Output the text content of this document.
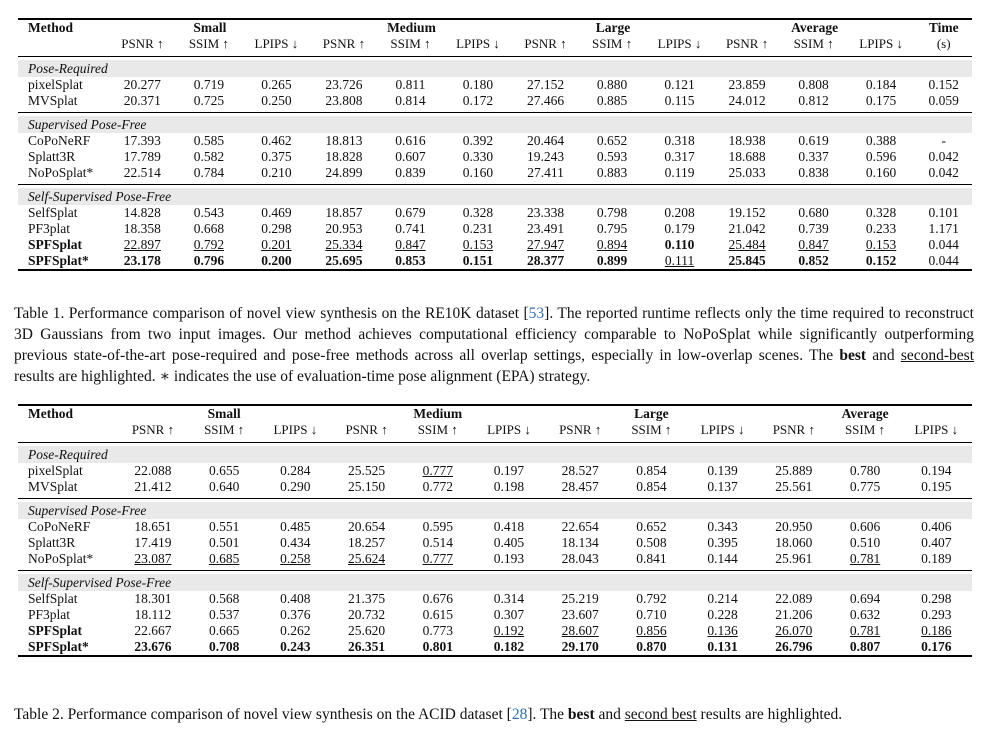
Method	Small			Medium			Large			Average			Time
	PSNR ↑	SSIM ↑	LPIPS ↓	PSNR ↑	SSIM ↑	LPIPS ↓	PSNR ↑	SSIM ↑	LPIPS ↓	PSNR ↑	SSIM ↑	LPIPS ↓	(s)

Pose-Required													
pixelSplat	20.277	0.719	0.265	23.726	0.811	0.180	27.152	0.880	0.121	23.859	0.808	0.184	0.152
MVSplat	20.371	0.725	0.250	23.808	0.814	0.172	27.466	0.885	0.115	24.012	0.812	0.175	0.059

Supervised Pose-Free													
CoPoNeRF	17.393	0.585	0.462	18.813	0.616	0.392	20.464	0.652	0.318	18.938	0.619	0.388	-
Splatt3R	17.789	0.582	0.375	18.828	0.607	0.330	19.243	0.593	0.317	18.688	0.337	0.596	0.042
NoPoSplat*	22.514	0.784	0.210	24.899	0.839	0.160	27.411	0.883	0.119	25.033	0.838	0.160	0.042

Self-Supervised Pose-Free													
SelfSplat	14.828	0.543	0.469	18.857	0.679	0.328	23.338	0.798	0.208	19.152	0.680	0.328	0.101
PF3plat	18.358	0.668	0.298	20.953	0.741	0.231	23.491	0.795	0.179	21.042	0.739	0.233	1.171
SPFSplat	22.897	0.792	0.201	25.334	0.847	0.153	27.947	0.894	0.110	25.484	0.847	0.153	0.044
SPFSplat*	23.178	0.796	0.200	25.695	0.853	0.151	28.377	0.899	0.111	25.845	0.852	0.152	0.044
Table 1. Performance comparison of novel view synthesis on the RE10K dataset [53]. The reported runtime reflects only the time required to reconstruct 3D Gaussians from two input images. Our method achieves computational efficiency comparable to NoPoSplat while significantly outperforming previous state-of-the-art pose-required and pose-free methods across all overlap settings, especially in low-overlap scenes. The best and second-best results are highlighted. ∗ indicates the use of evaluation-time pose alignment (EPA) strategy.
Method	Small			Medium			Large			Average		
	PSNR ↑	SSIM ↑	LPIPS ↓	PSNR ↑	SSIM ↑	LPIPS ↓	PSNR ↑	SSIM ↑	LPIPS ↓	PSNR ↑	SSIM ↑	LPIPS ↓

Pose-Required												
pixelSplat	22.088	0.655	0.284	25.525	0.777	0.197	28.527	0.854	0.139	25.889	0.780	0.194
MVSplat	21.412	0.640	0.290	25.150	0.772	0.198	28.457	0.854	0.137	25.561	0.775	0.195

Supervised Pose-Free												
CoPoNeRF	18.651	0.551	0.485	20.654	0.595	0.418	22.654	0.652	0.343	20.950	0.606	0.406
Splatt3R	17.419	0.501	0.434	18.257	0.514	0.405	18.134	0.508	0.395	18.060	0.510	0.407
NoPoSplat*	23.087	0.685	0.258	25.624	0.777	0.193	28.043	0.841	0.144	25.961	0.781	0.189

Self-Supervised Pose-Free												
SelfSplat	18.301	0.568	0.408	21.375	0.676	0.314	25.219	0.792	0.214	22.089	0.694	0.298
PF3plat	18.112	0.537	0.376	20.732	0.615	0.307	23.607	0.710	0.228	21.206	0.632	0.293
SPFSplat	22.667	0.665	0.262	25.620	0.773	0.192	28.607	0.856	0.136	26.070	0.781	0.186
SPFSplat*	23.676	0.708	0.243	26.351	0.801	0.182	29.170	0.870	0.131	26.796	0.807	0.176
Table 2. Performance comparison of novel view synthesis on the ACID dataset [28]. The best and second best results are highlighted.
